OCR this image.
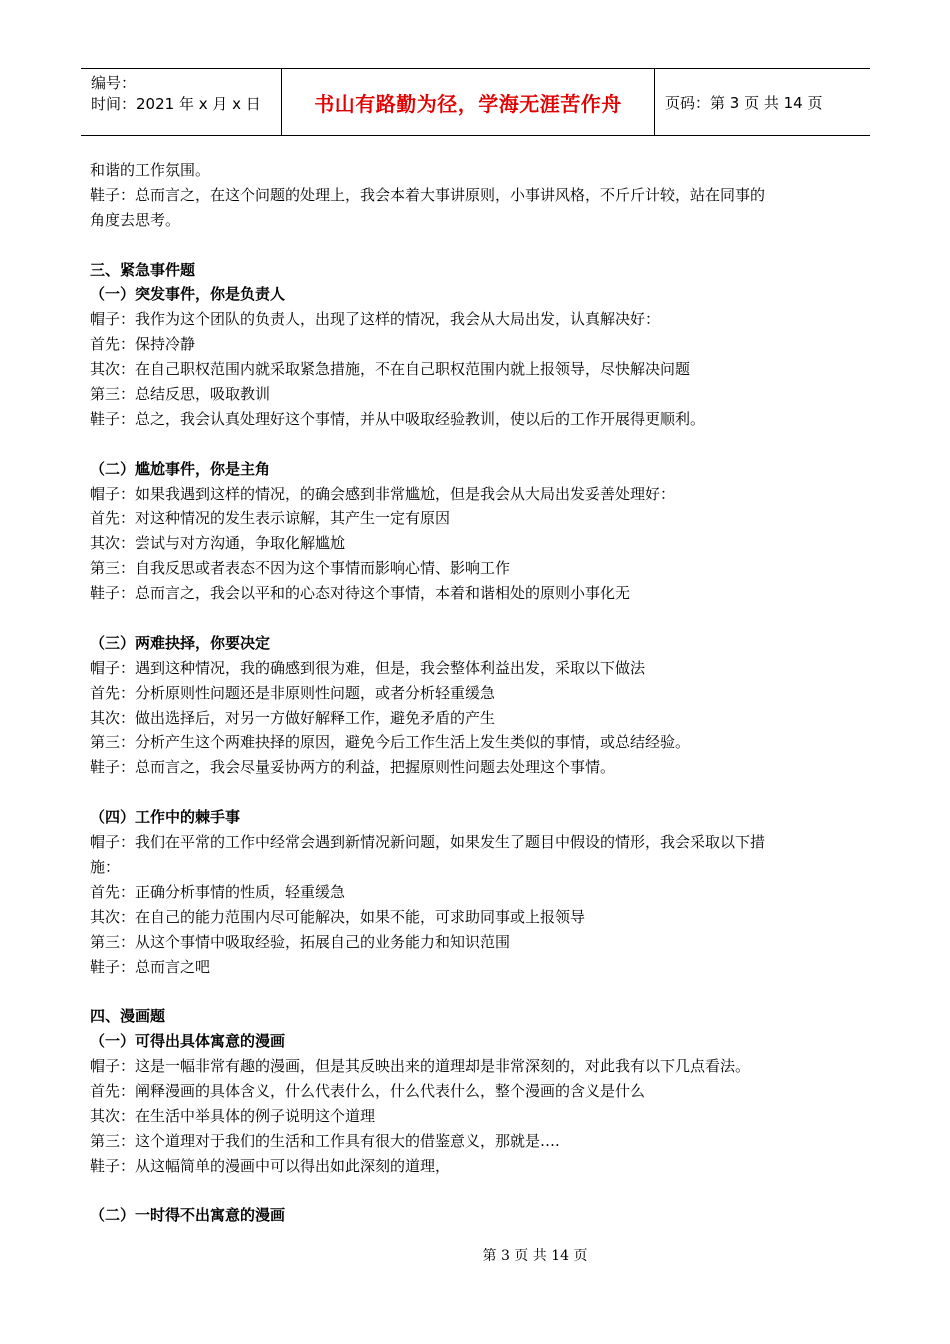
编号：
时间：2021 年 x 月 x 日	书山有路勤为径，学海无涯苦作舟	页码：第 3 页 共 14 页
和谐的工作氛围。
鞋子：总而言之，在这个问题的处理上，我会本着大事讲原则，小事讲风格，不斤斤计较，站在同事的
角度去思考。
三、紧急事件题
（一）突发事件，你是负责人
帽子：我作为这个团队的负责人，出现了这样的情况，我会从大局出发，认真解决好：
首先：保持冷静
其次：在自己职权范围内就采取紧急措施，不在自己职权范围内就上报领导，尽快解决问题
第三：总结反思，吸取教训
鞋子：总之，我会认真处理好这个事情，并从中吸取经验教训，使以后的工作开展得更顺利。
（二）尴尬事件，你是主角
帽子：如果我遇到这样的情况，的确会感到非常尴尬，但是我会从大局出发妥善处理好：
首先：对这种情况的发生表示谅解，其产生一定有原因
其次：尝试与对方沟通，争取化解尴尬
第三：自我反思或者表态不因为这个事情而影响心情、影响工作
鞋子：总而言之，我会以平和的心态对待这个事情，本着和谐相处的原则小事化无
（三）两难抉择，你要决定
帽子：遇到这种情况，我的确感到很为难，但是，我会整体利益出发，采取以下做法
首先：分析原则性问题还是非原则性问题，或者分析轻重缓急
其次：做出选择后，对另一方做好解释工作，避免矛盾的产生
第三：分析产生这个两难抉择的原因，避免今后工作生活上发生类似的事情，或总结经验。
鞋子：总而言之，我会尽量妥协两方的利益，把握原则性问题去处理这个事情。
（四）工作中的棘手事
帽子：我们在平常的工作中经常会遇到新情况新问题，如果发生了题目中假设的情形，我会采取以下措
施：
首先：正确分析事情的性质，轻重缓急
其次：在自己的能力范围内尽可能解决，如果不能，可求助同事或上报领导
第三：从这个事情中吸取经验，拓展自己的业务能力和知识范围
鞋子：总而言之吧
四、漫画题
（一）可得出具体寓意的漫画
帽子：这是一幅非常有趣的漫画，但是其反映出来的道理却是非常深刻的，对此我有以下几点看法。
首先：阐释漫画的具体含义，什么代表什么，什么代表什么，整个漫画的含义是什么
其次：在生活中举具体的例子说明这个道理
第三：这个道理对于我们的生活和工作具有很大的借鉴意义，那就是….
鞋子：从这幅简单的漫画中可以得出如此深刻的道理，
（二）一时得不出寓意的漫画
第 3 页 共 14 页
